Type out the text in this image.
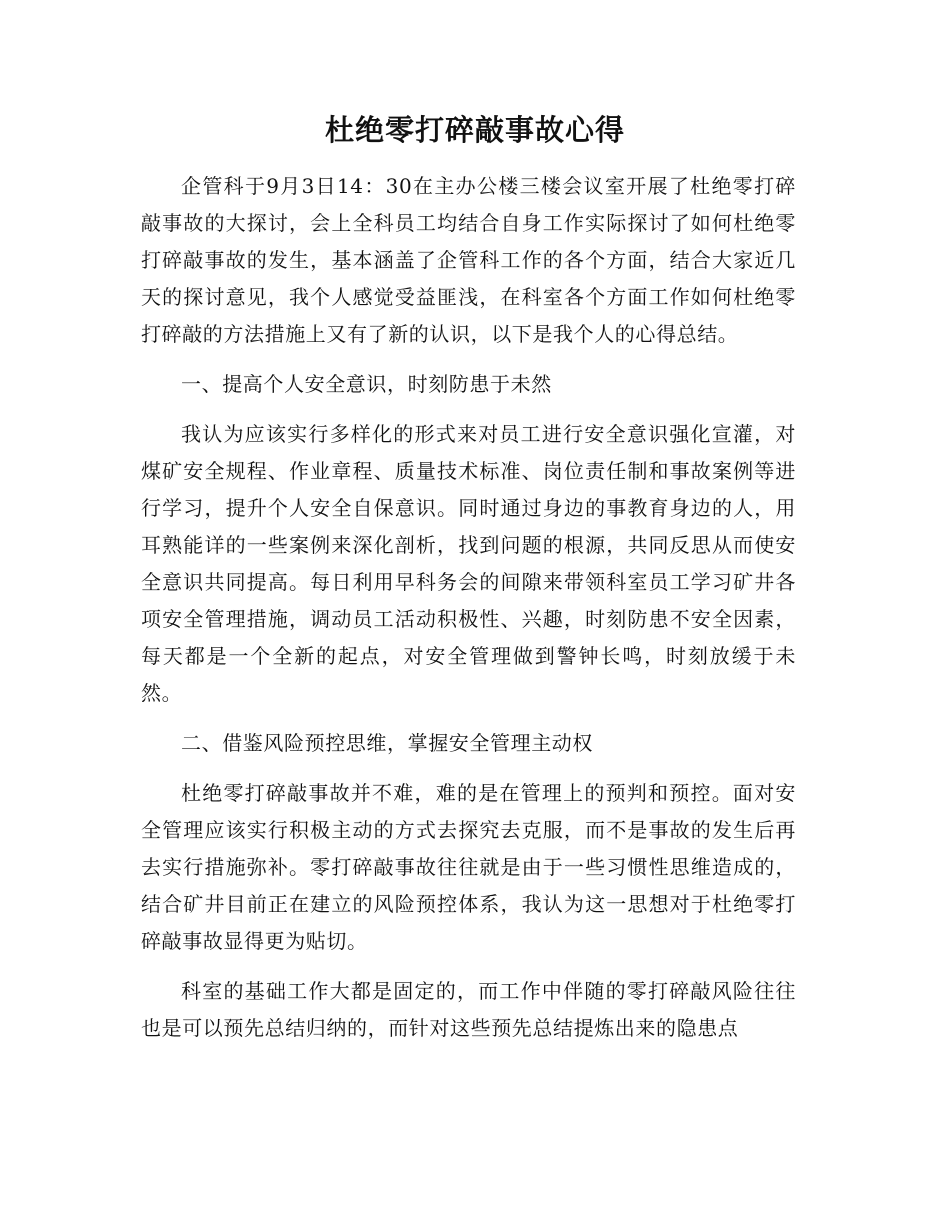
杜绝零打碎敲事故心得

企管科于9月3日14：30在主办公楼三楼会议室开展了杜绝零打碎敲事故的大探讨，会上全科员工均结合自身工作实际探讨了如何杜绝零打碎敲事故的发生，基本涵盖了企管科工作的各个方面，结合大家近几天的探讨意见，我个人感觉受益匪浅，在科室各个方面工作如何杜绝零打碎敲的方法措施上又有了新的认识，以下是我个人的心得总结。

一、提高个人安全意识，时刻防患于未然

我认为应该实行多样化的形式来对员工进行安全意识强化宣灌，对煤矿安全规程、作业章程、质量技术标准、岗位责任制和事故案例等进行学习，提升个人安全自保意识。同时通过身边的事教育身边的人，用耳熟能详的一些案例来深化剖析，找到问题的根源，共同反思从而使安全意识共同提高。每日利用早科务会的间隙来带领科室员工学习矿井各项安全管理措施，调动员工活动积极性、兴趣，时刻防患不安全因素，每天都是一个全新的起点，对安全管理做到警钟长鸣，时刻放缓于未然。

二、借鉴风险预控思维，掌握安全管理主动权

杜绝零打碎敲事故并不难，难的是在管理上的预判和预控。面对安全管理应该实行积极主动的方式去探究去克服，而不是事故的发生后再去实行措施弥补。零打碎敲事故往往就是由于一些习惯性思维造成的，结合矿井目前正在建立的风险预控体系，我认为这一思想对于杜绝零打碎敲事故显得更为贴切。

科室的基础工作大都是固定的，而工作中伴随的零打碎敲风险往往也是可以预先总结归纳的，而针对这些预先总结提炼出来的隐患点
